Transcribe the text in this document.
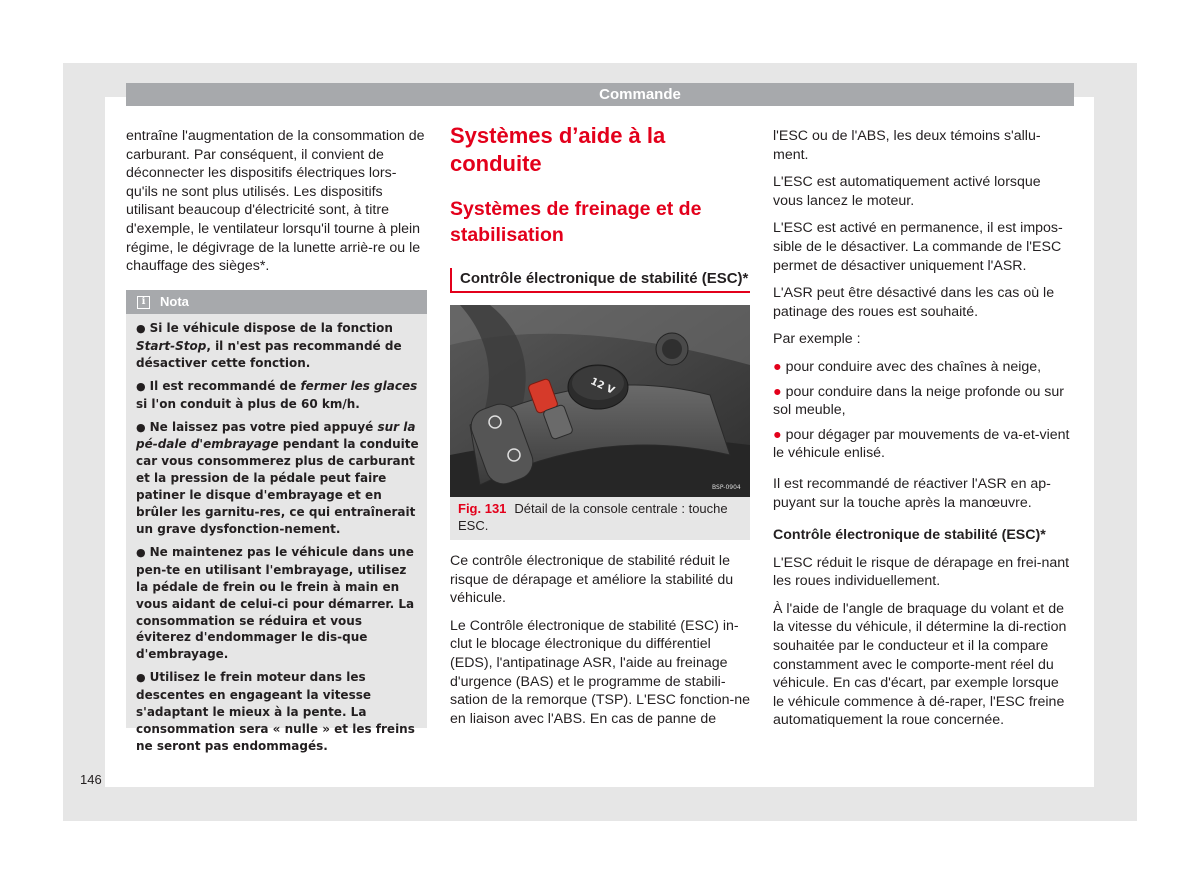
Commande

entraîne l'augmentation de la consommation de carburant. Par conséquent, il convient de déconnecter les dispositifs électriques lors-qu'ils ne sont plus utilisés. Les dispositifs utilisant beaucoup d'électricité sont, à titre d'exemple, le ventilateur lorsqu'il tourne à plein régime, le dégivrage de la lunette arriè-re ou le chauffage des sièges*.

i	Nota

● Si le véhicule dispose de la fonction Start-Stop, il n'est pas recommandé de désactiver cette fonction.

● Il est recommandé de fermer les glaces si l'on conduit à plus de 60 km/h.

● Ne laissez pas votre pied appuyé sur la pé-dale d'embrayage pendant la conduite car vous consommerez plus de carburant et la pression de la pédale peut faire patiner le disque d'embrayage et en brûler les garnitu-res, ce qui entraînerait un grave dysfonction-nement.

● Ne maintenez pas le véhicule dans une pen-te en utilisant l'embrayage, utilisez la pédale de frein ou le frein à main en vous aidant de celui-ci pour démarrer. La consommation se réduira et vous éviterez d'endommager le dis-que d'embrayage.

● Utilisez le frein moteur dans les descentes en engageant la vitesse s'adaptant le mieux à la pente. La consommation sera « nulle » et les freins ne seront pas endommagés.

Systèmes d’aide à la conduite
Systèmes de freinage et de stabilisation
Contrôle électronique de stabilité (ESC)*
12 V
BSP-0904
Fig. 131 Détail de la console centrale : touche ESC.

Ce contrôle électronique de stabilité réduit le risque de dérapage et améliore la stabilité du véhicule.

Le Contrôle électronique de stabilité (ESC) in-clut le blocage électronique du différentiel (EDS), l'antipatinage ASR, l'aide au freinage d'urgence (BAS) et le programme de stabili-sation de la remorque (TSP). L'ESC fonction-ne en liaison avec l'ABS. En cas de panne de

l'ESC ou de l'ABS, les deux témoins s'allu-ment.

L'ESC est automatiquement activé lorsque vous lancez le moteur.

L'ESC est activé en permanence, il est impos-sible de le désactiver. La commande de l'ESC permet de désactiver uniquement l'ASR.

L'ASR peut être désactivé dans les cas où le patinage des roues est souhaité.

Par exemple :

● pour conduire avec des chaînes à neige,

● pour conduire dans la neige profonde ou sur sol meuble,

● pour dégager par mouvements de va-et-vient le véhicule enlisé.

Il est recommandé de réactiver l'ASR en ap-puyant sur la touche après la manœuvre.

Contrôle électronique de stabilité (ESC)*

L'ESC réduit le risque de dérapage en frei-nant les roues individuellement.

À l'aide de l'angle de braquage du volant et de la vitesse du véhicule, il détermine la di-rection souhaitée par le conducteur et il la compare constamment avec le comporte-ment réel du véhicule. En cas d'écart, par exemple lorsque le véhicule commence à dé-raper, l'ESC freine automatiquement la roue concernée.

146
